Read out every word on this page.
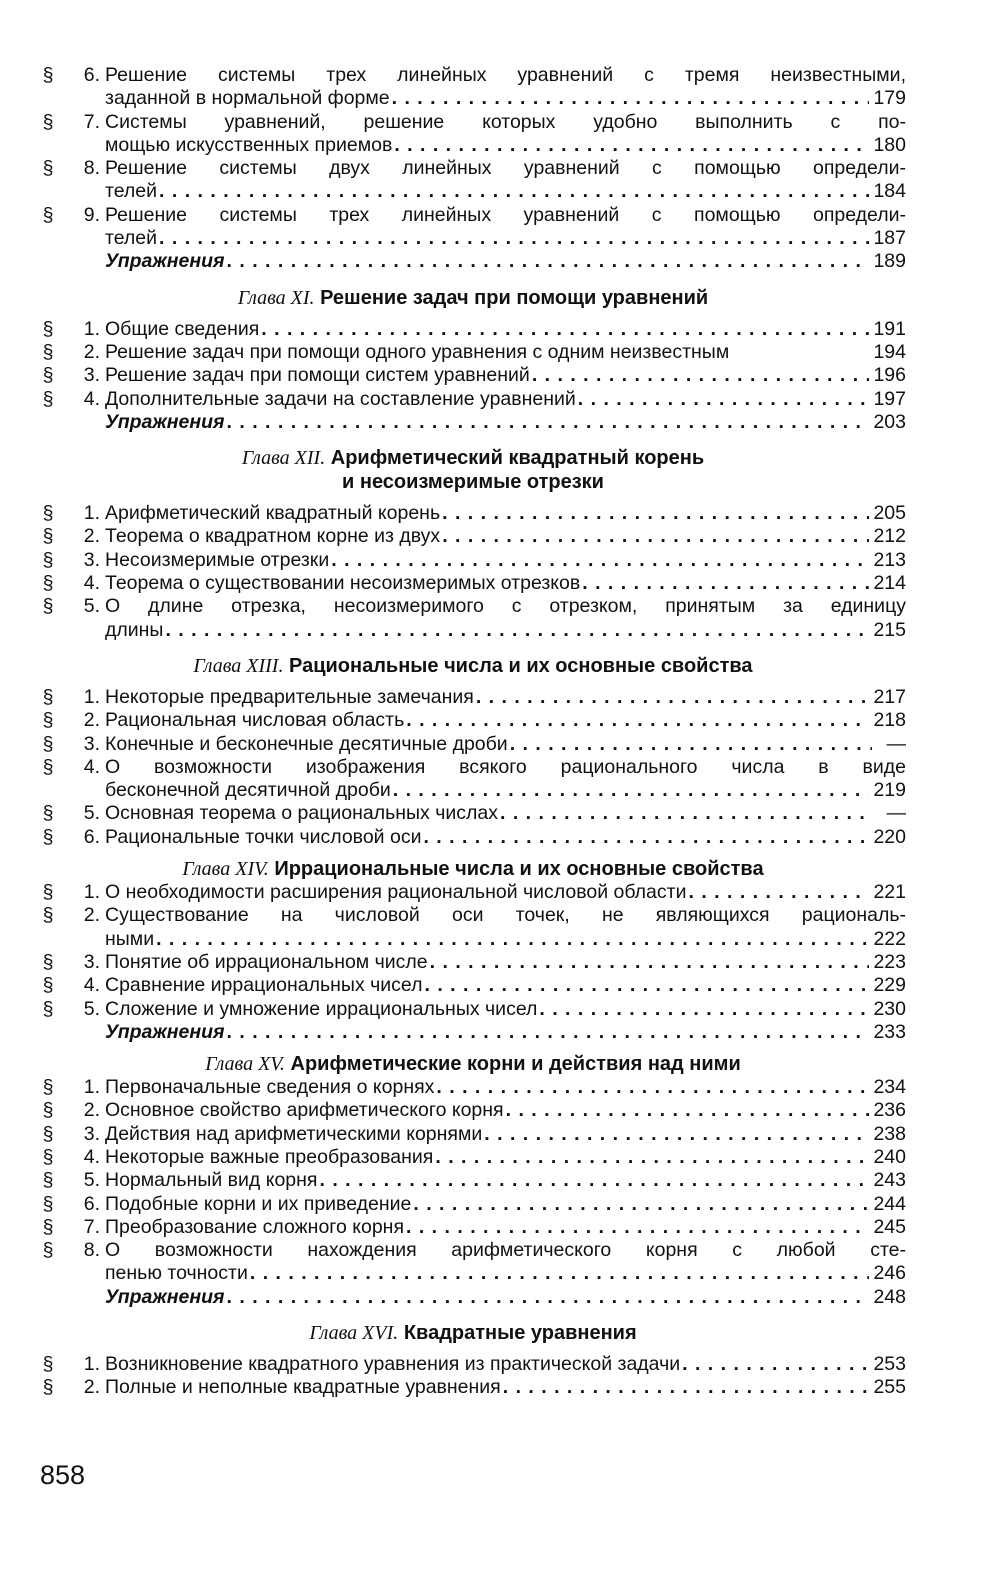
§	6. Решение системы трех линейных уравнений с тремя неизвестными,
заданной в нормальной форме . . .	179
§	7. Системы уравнений, решение которых удобно выполнить с по-
мощью искусственных приемов . . .	180
§	8. Решение системы двух линейных уравнений с помощью определи-
телей . . .	184
§	9. Решение системы трех линейных уравнений с помощью определи-
телей . . .	187
Упражнения . . .	189
Глава XI. Решение задач при помощи уравнений
§	1. Общие сведения . . .	191
§	2. Решение задач при помощи одного уравнения с одним неизвестным	194
§	3. Решение задач при помощи систем уравнений . . .	196
§	4. Дополнительные задачи на составление уравнений . . .	197
Упражнения . . .	203
Глава XII. Арифметический квадратный корень
и несоизмеримые отрезки
§	1. Арифметический квадратный корень . . .	205
§	2. Теорема о квадратном корне из двух . . .	212
§	3. Несоизмеримые отрезки . . .	213
§	4. Теорема о существовании несоизмеримых отрезков . . .	214
§	5. О длине отрезка, несоизмеримого с отрезком, принятым за единицу
длины . . .	215
Глава XIII. Рациональные числа и их основные свойства
§	1. Некоторые предварительные замечания . . .	217
§	2. Рациональная числовая область . . .	218
§	3. Конечные и бесконечные десятичные дроби . . .	—
§	4. О возможности изображения всякого рационального числа в виде
бесконечной десятичной дроби . . .	219
§	5. Основная теорема о рациональных числах . . .	—
§	6. Рациональные точки числовой оси . . .	220
Глава XIV. Иррациональные числа и их основные свойства
§	1. О необходимости расширения рациональной числовой области . . .	221
§	2. Существование на числовой оси точек, не являющихся рациональ-
ными . . .	222
§	3. Понятие об иррациональном числе . . .	223
§	4. Сравнение иррациональных чисел . . .	229
§	5. Сложение и умножение иррациональных чисел . . .	230
Упражнения . . .	233
Глава XV. Арифметические корни и действия над ними
§	1. Первоначальные сведения о корнях . . .	234
§	2. Основное свойство арифметического корня . . .	236
§	3. Действия над арифметическими корнями . . .	238
§	4. Некоторые важные преобразования . . .	240
§	5. Нормальный вид корня . . .	243
§	6. Подобные корни и их приведение . . .	244
§	7. Преобразование сложного корня . . .	245
§	8. О возможности нахождения арифметического корня с любой сте-
пенью точности . . .	246
Упражнения . . .	248
Глава XVI. Квадратные уравнения
§	1. Возникновение квадратного уравнения из практической задачи . . .	253
§	2. Полные и неполные квадратные уравнения . . .	255
858
